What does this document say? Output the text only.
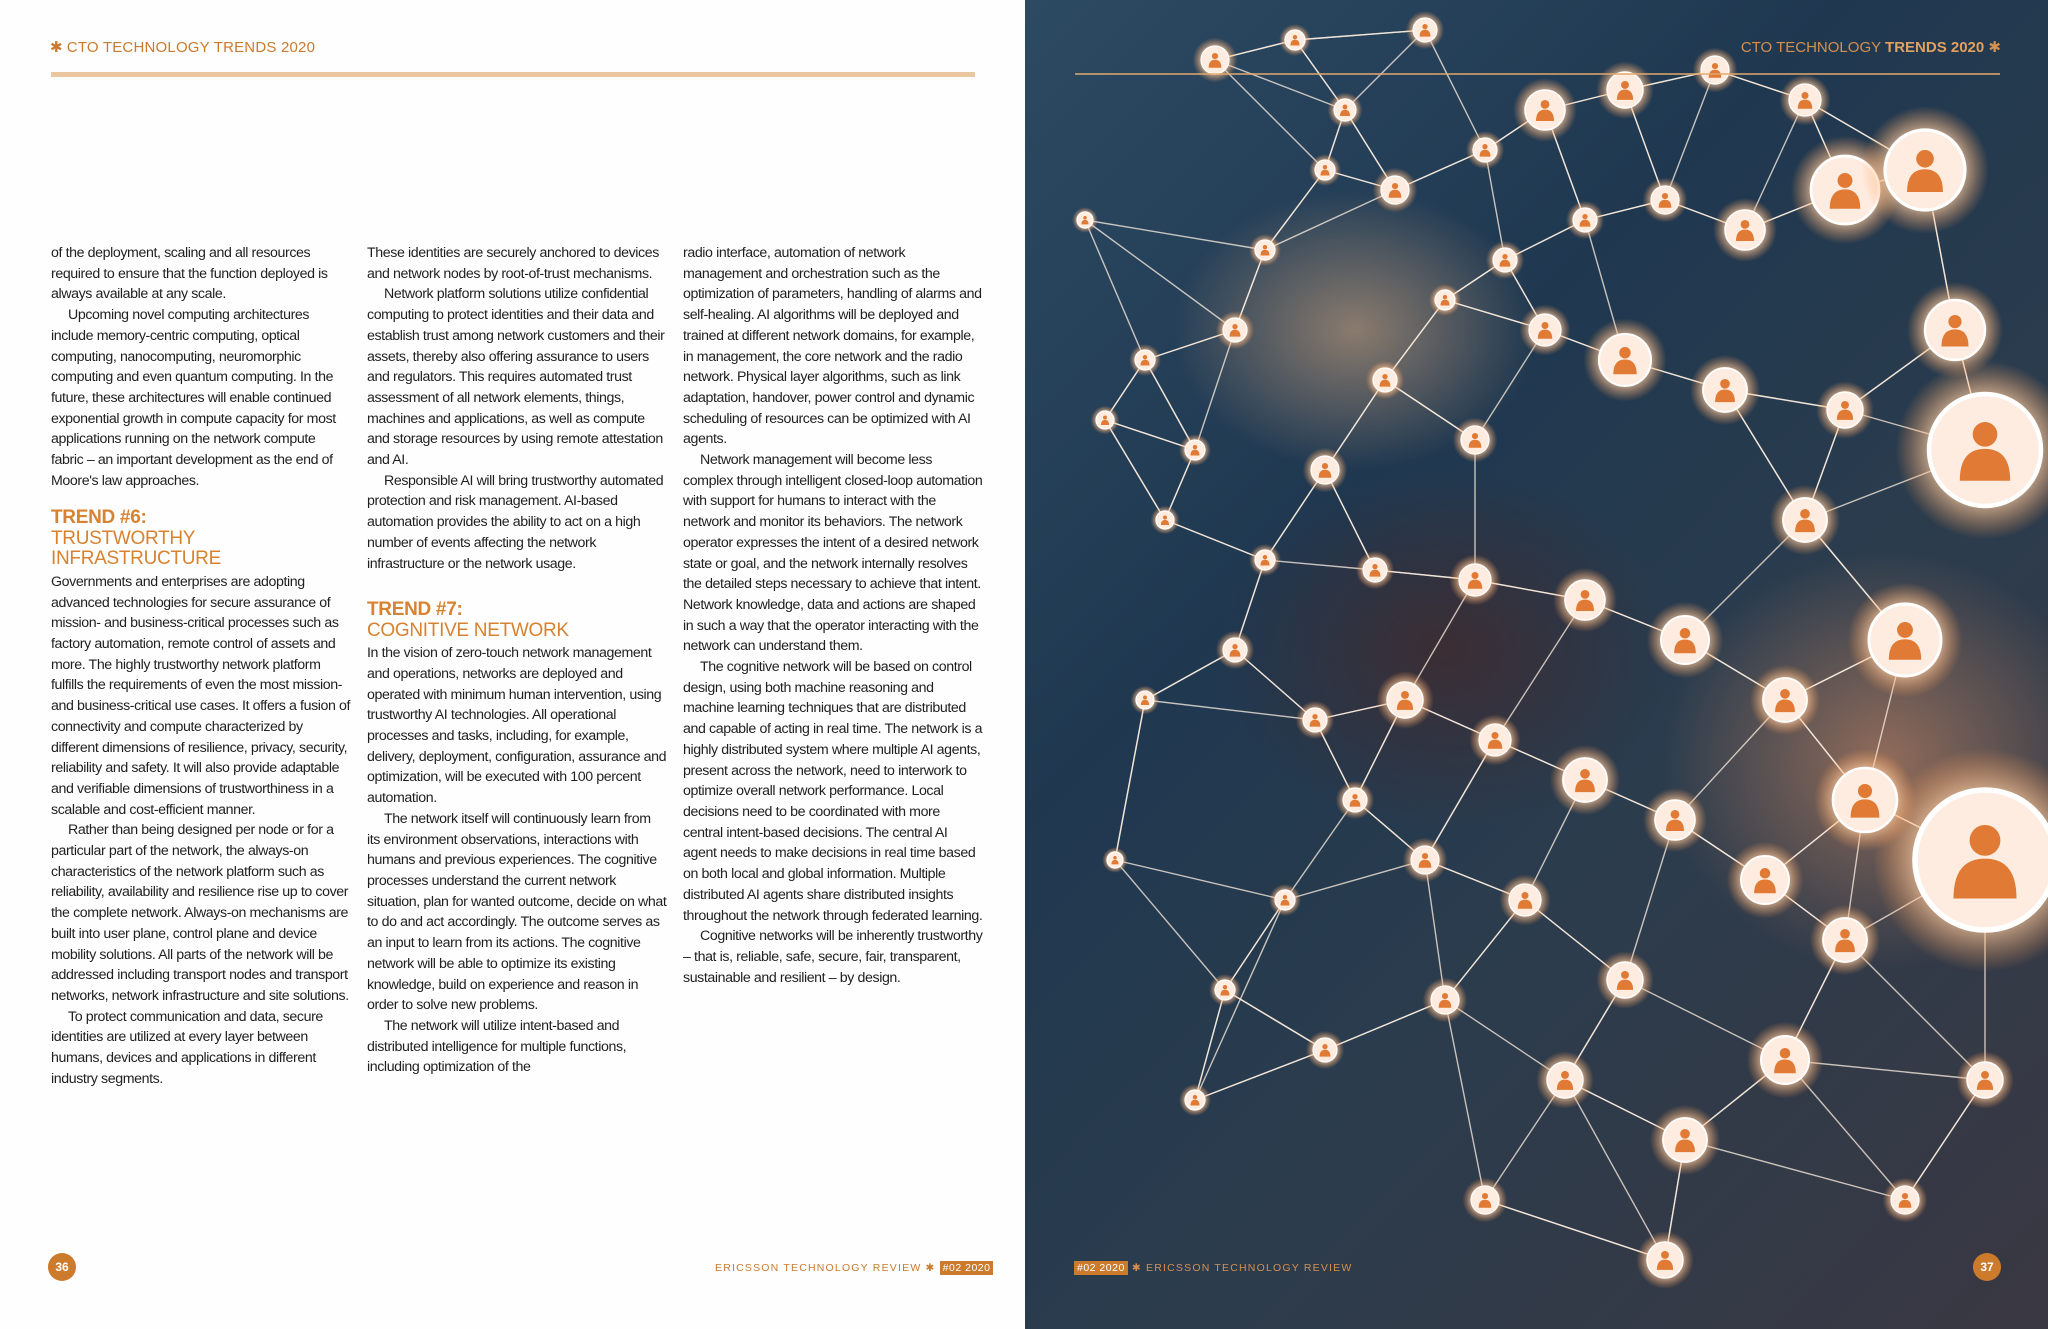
✱ CTO TECHNOLOGY TRENDS 2020

of the deployment, scaling and all resources required to ensure that the function deployed is always available at any scale.

Upcoming novel computing architectures include memory-centric computing, optical computing, nanocomputing, neuromorphic computing and even quantum computing. In the future, these architectures will enable continued exponential growth in compute capacity for most applications running on the network compute fabric – an important development as the end of Moore's law approaches.

TREND #6:
TRUSTWORTHY INFRASTRUCTURE

Governments and enterprises are adopting advanced technologies for secure assurance of mission- and business-critical processes such as factory automation, remote control of assets and more. The highly trustworthy network platform fulfills the requirements of even the most mission- and business-critical use cases. It offers a fusion of connectivity and compute characterized by different dimensions of resilience, privacy, security, reliability and safety. It will also provide adaptable and verifiable dimensions of trustworthiness in a scalable and cost-efficient manner.

Rather than being designed per node or for a particular part of the network, the always-on characteristics of the network platform such as reliability, availability and resilience rise up to cover the complete network. Always-on mechanisms are built into user plane, control plane and device mobility solutions. All parts of the network will be addressed including transport nodes and transport networks, network infrastructure and site solutions.

To protect communication and data, secure identities are utilized at every layer between humans, devices and applications in different industry segments.

These identities are securely anchored to devices and network nodes by root-of-trust mechanisms.

Network platform solutions utilize confidential computing to protect identities and their data and establish trust among network customers and their assets, thereby also offering assurance to users and regulators. This requires automated trust assessment of all network elements, things, machines and applications, as well as compute and storage resources by using remote attestation and AI.

Responsible AI will bring trustworthy automated protection and risk management. AI-based automation provides the ability to act on a high number of events affecting the network infrastructure or the network usage.

TREND #7:
COGNITIVE NETWORK

In the vision of zero-touch network management and operations, networks are deployed and operated with minimum human intervention, using trustworthy AI technologies. All operational processes and tasks, including, for example, delivery, deployment, configuration, assurance and optimization, will be executed with 100 percent automation.

The network itself will continuously learn from its environment observations, interactions with humans and previous experiences. The cognitive processes understand the current network situation, plan for wanted outcome, decide on what to do and act accordingly. The outcome serves as an input to learn from its actions. The cognitive network will be able to optimize its existing knowledge, build on experience and reason in order to solve new problems.

The network will utilize intent-based and distributed intelligence for multiple functions, including optimization of the

radio interface, automation of network management and orchestration such as the optimization of parameters, handling of alarms and self-healing. AI algorithms will be deployed and trained at different network domains, for example, in management, the core network and the radio network. Physical layer algorithms, such as link adaptation, handover, power control and dynamic scheduling of resources can be optimized with AI agents.

Network management will become less complex through intelligent closed-loop automation with support for humans to interact with the network and monitor its behaviors. The network operator expresses the intent of a desired network state or goal, and the network internally resolves the detailed steps necessary to achieve that intent. Network knowledge, data and actions are shaped in such a way that the operator interacting with the network can understand them.

The cognitive network will be based on control design, using both machine reasoning and machine learning techniques that are distributed and capable of acting in real time. The network is a highly distributed system where multiple AI agents, present across the network, need to interwork to optimize overall network performance. Local decisions need to be coordinated with more central intent-based decisions. The central AI agent needs to make decisions in real time based on both local and global information. Multiple distributed AI agents share distributed insights throughout the network through federated learning.

Cognitive networks will be inherently trustworthy – that is, reliable, safe, secure, fair, transparent, sustainable and resilient – by design.

36	ERICSSON TECHNOLOGY REVIEW ✱ #02 2020
CTO TECHNOLOGY TRENDS 2020 ✱
#02 2020 ✱ ERICSSON TECHNOLOGY REVIEW	37
